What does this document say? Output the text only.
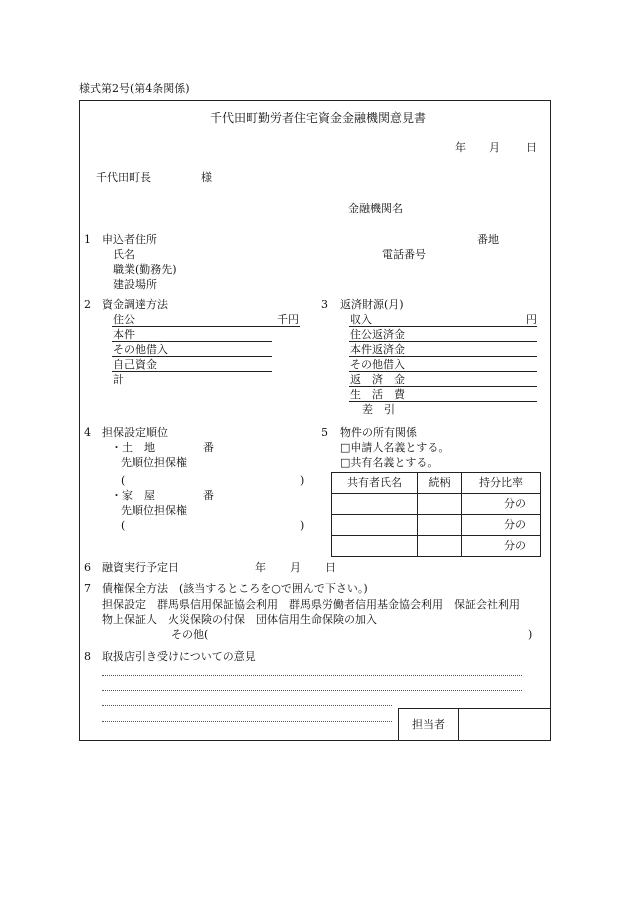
様式第2号(第4条関係)
千代田町勤労者住宅資金金融機関意見書
年 月 日
千代田町長	様
金融機関名
1 申込者住所	番地
氏名	電話番号
職業(勤務先)
建設場所
2 資金調達方法
住公	千円
本件
その他借入
自己資金
計
3 返済財源(月)
収入	円
住公返済金
本件返済金
その他借入
返　済　金
生　活　費
差　引
4 担保設定順位
・土　地	番
先順位担保権
(	)
・家　屋	番
先順位担保権
(	)
5 物件の所有関係
□申請人名義とする。
□共有名義とする。
共有者氏名	続柄	持分比率
		分の
		分の
		分の
6 融資実行予定日	年 月 日
7 債権保全方法　(該当するところを○で囲んで下さい。)
担保設定　群馬県信用保証協会利用　群馬県労働者信用基金協会利用　保証会社利用
物上保証人　火災保険の付保　団体信用生命保険の加入
その他(	)
8 取扱店引き受けについての意見
担当者
